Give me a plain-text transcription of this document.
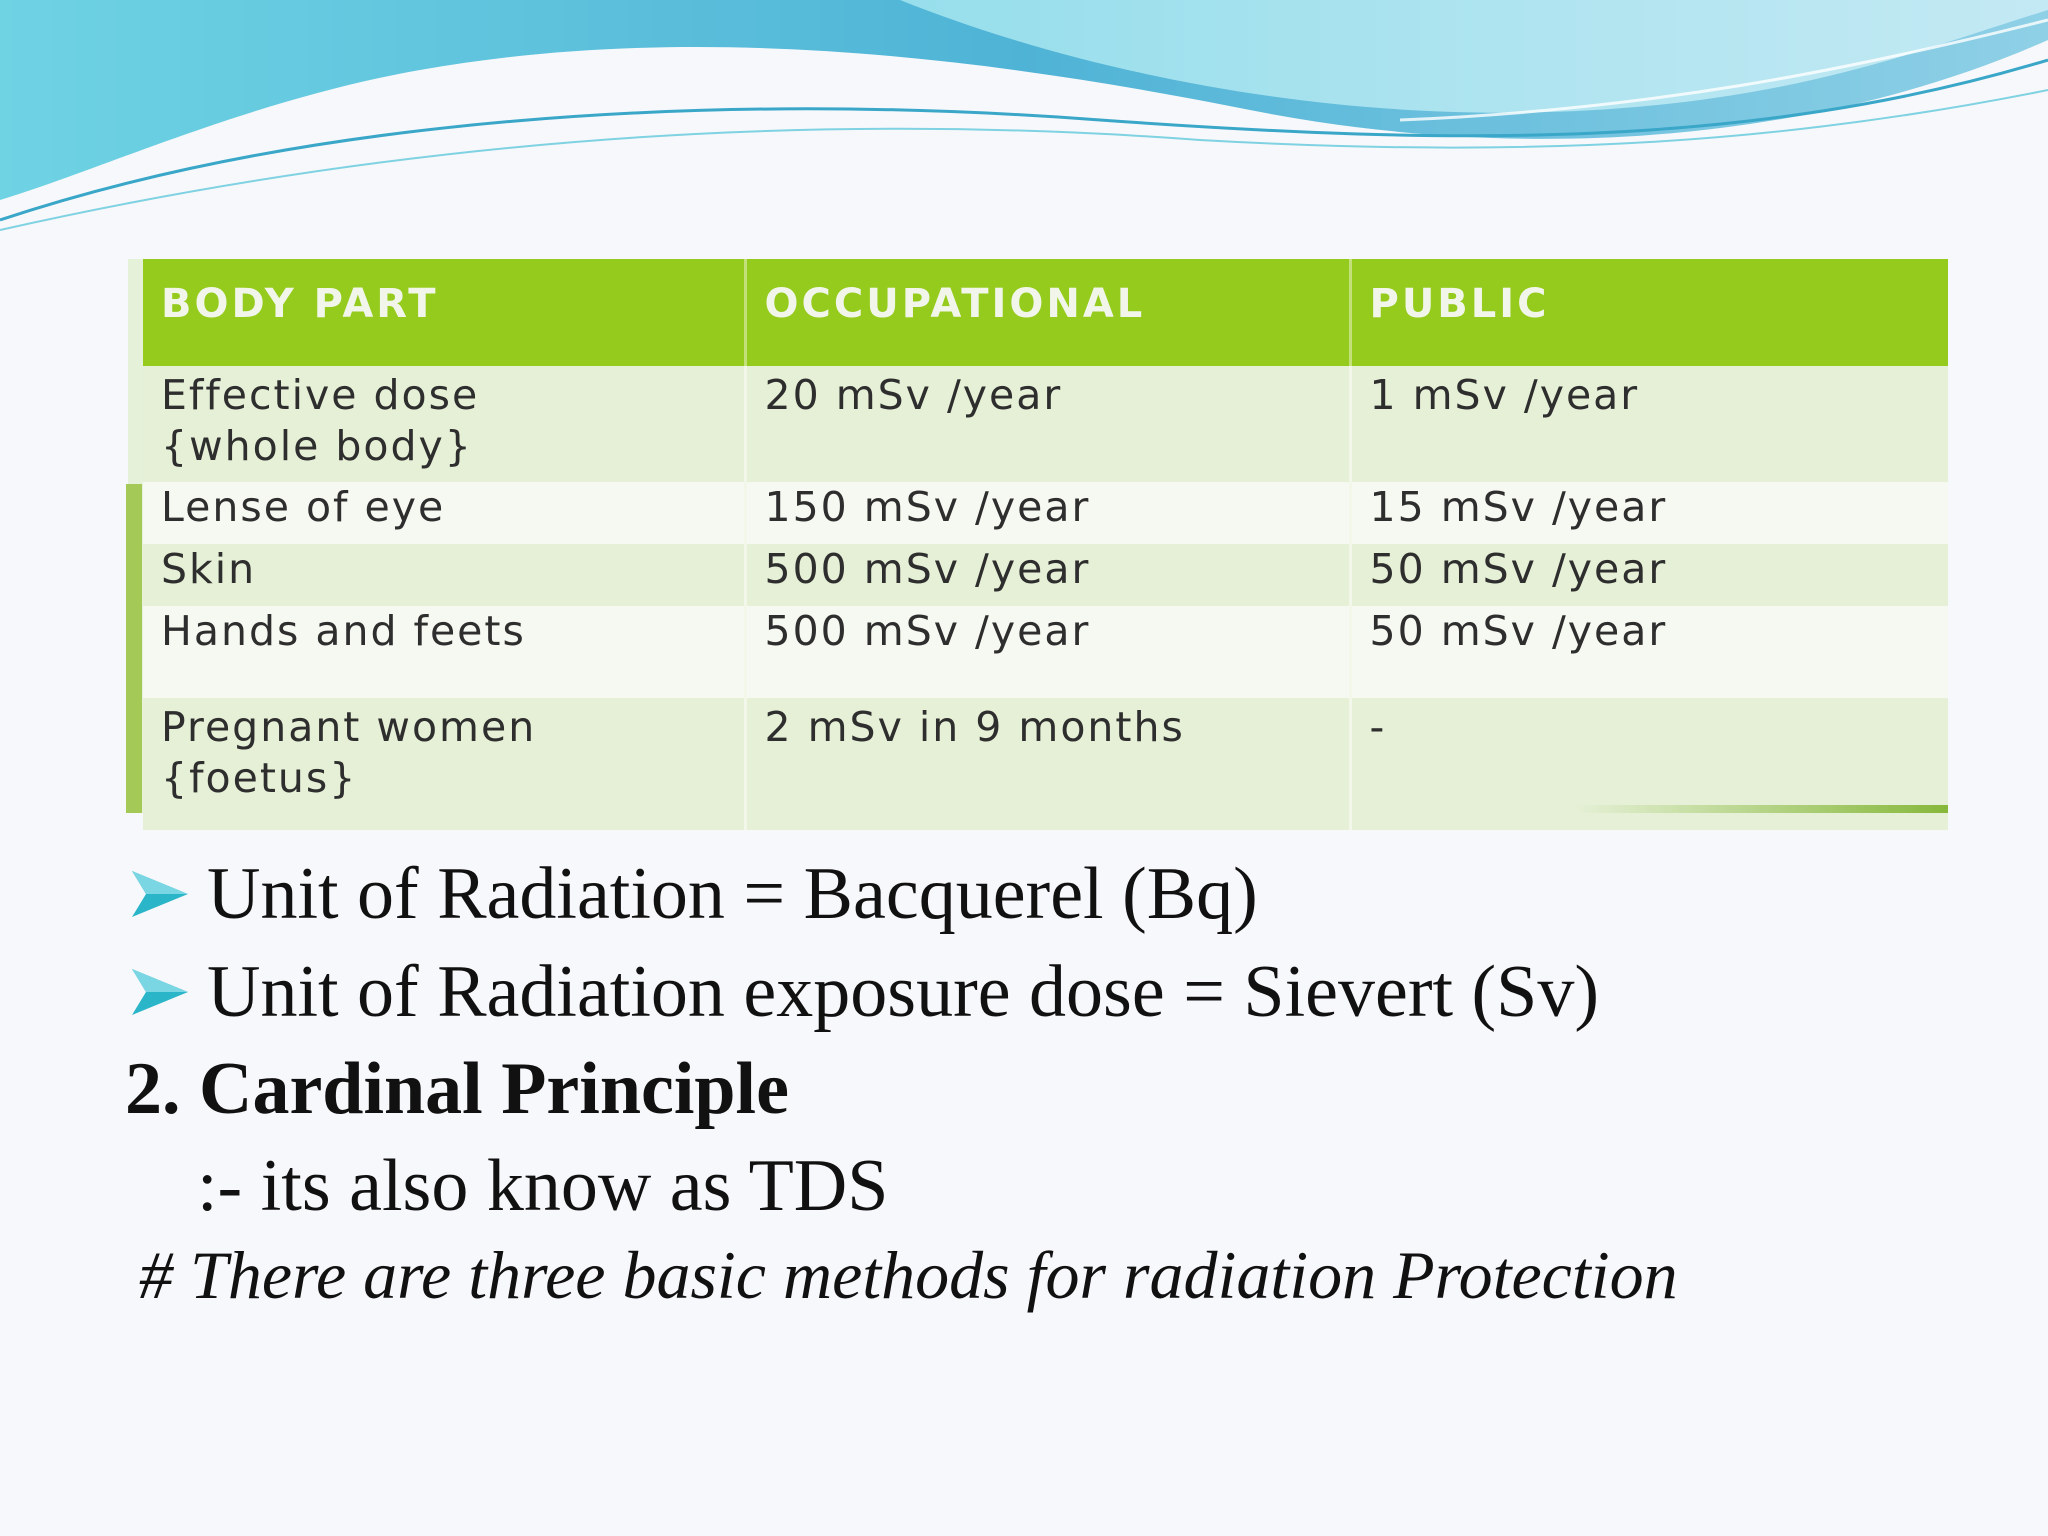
BODY PART	OCCUPATIONAL	PUBLIC

Effective dose
{whole body}	20 mSv /year	1 mSv /year
Lense of eye	150 mSv /year	15 mSv /year
Skin	500 mSv /year	50 mSv /year
Hands and feets	500 mSv /year	50 mSv /year

Pregnant women
{foetus}	2 mSv in 9 months	-
Unit of Radiation = Bacquerel (Bq)
Unit of Radiation exposure dose = Sievert (Sv)
2. Cardinal Principle
:- its also know as TDS
# There are three basic methods for radiation Protection
